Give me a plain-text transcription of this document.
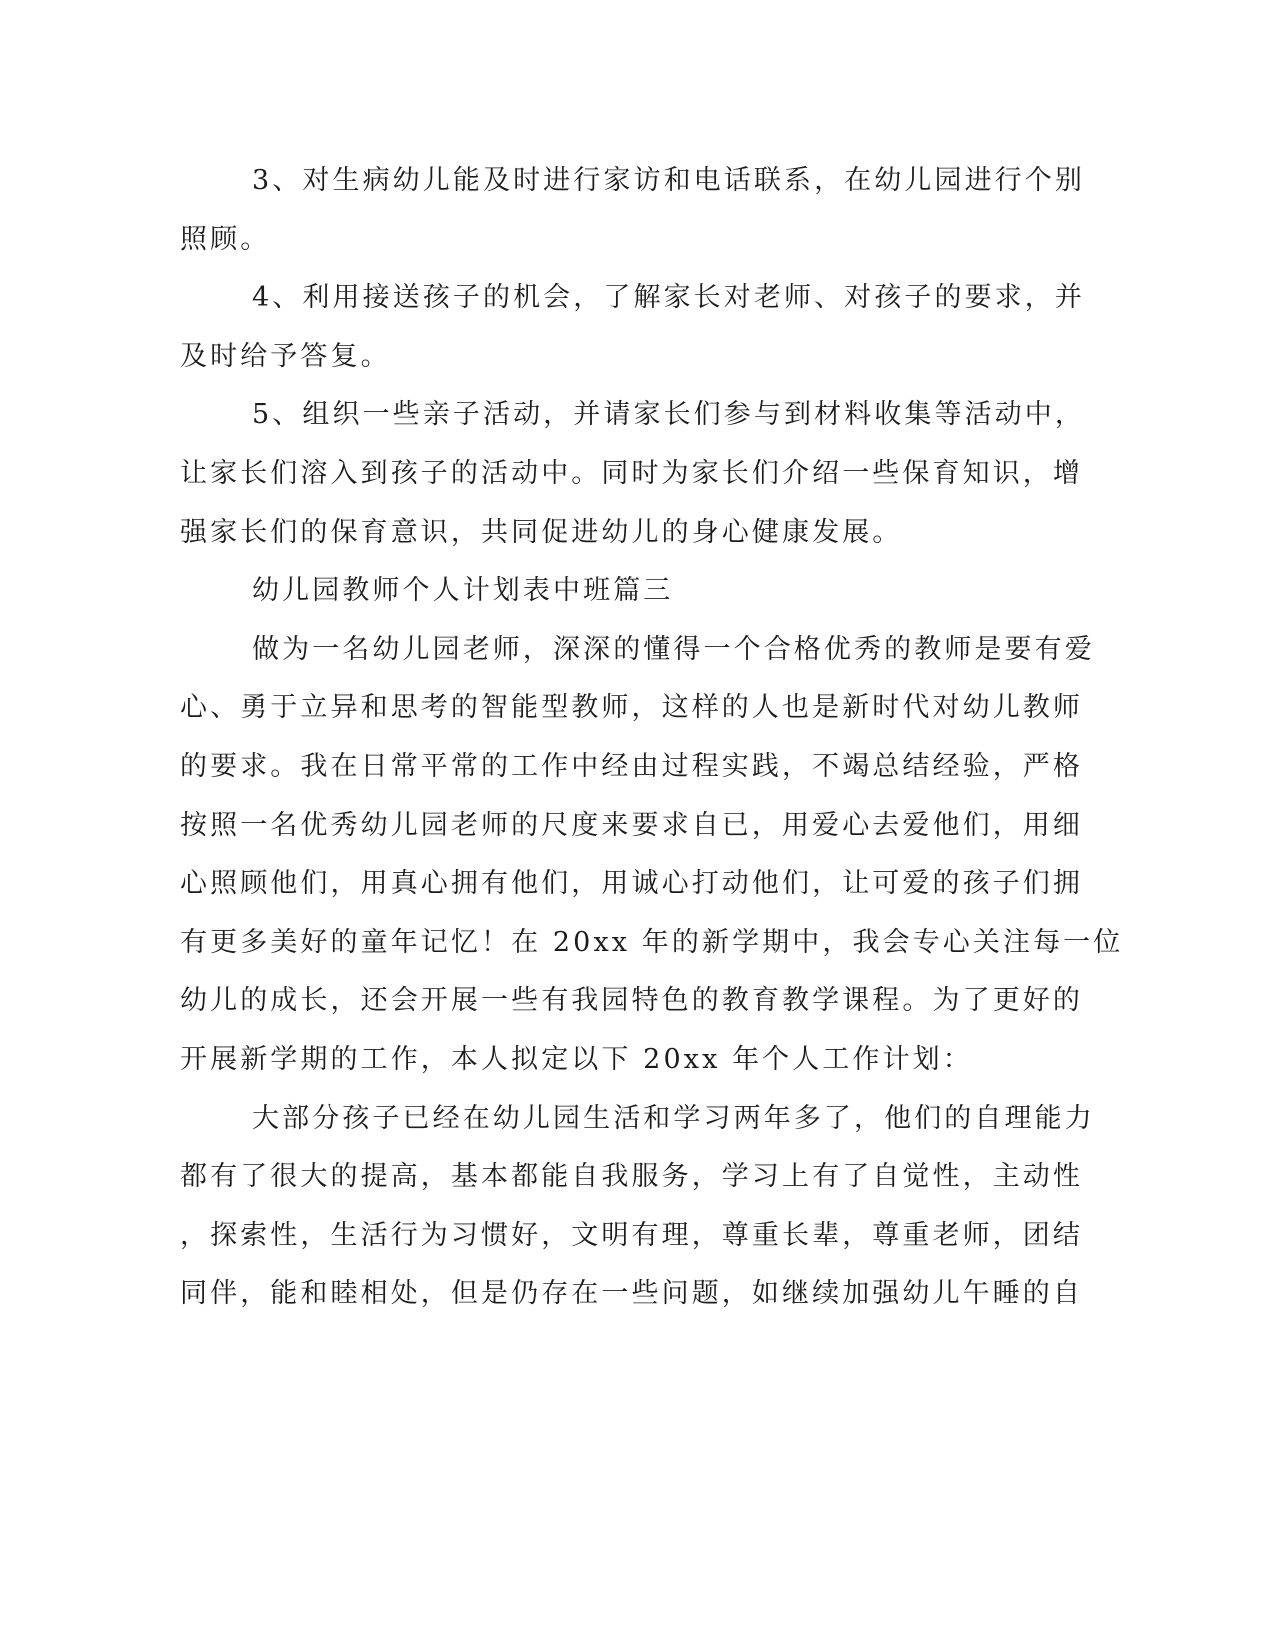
3、对生病幼儿能及时进行家访和电话联系，在幼儿园进行个别
照顾。
4、利用接送孩子的机会，了解家长对老师、对孩子的要求，并
及时给予答复。
5、组织一些亲子活动，并请家长们参与到材料收集等活动中，
让家长们溶入到孩子的活动中。同时为家长们介绍一些保育知识，增
强家长们的保育意识，共同促进幼儿的身心健康发展。
幼儿园教师个人计划表中班篇三
做为一名幼儿园老师，深深的懂得一个合格优秀的教师是要有爱
心、勇于立异和思考的智能型教师，这样的人也是新时代对幼儿教师
的要求。我在日常平常的工作中经由过程实践，不竭总结经验，严格
按照一名优秀幼儿园老师的尺度来要求自已，用爱心去爱他们，用细
心照顾他们，用真心拥有他们，用诚心打动他们，让可爱的孩子们拥
有更多美好的童年记忆！在 20xx 年的新学期中，我会专心关注每一位
幼儿的成长，还会开展一些有我园特色的教育教学课程。为了更好的
开展新学期的工作，本人拟定以下 20xx 年个人工作计划：
大部分孩子已经在幼儿园生活和学习两年多了，他们的自理能力
都有了很大的提高，基本都能自我服务，学习上有了自觉性，主动性
，探索性，生活行为习惯好，文明有理，尊重长辈，尊重老师，团结
同伴，能和睦相处，但是仍存在一些问题，如继续加强幼儿午睡的自
